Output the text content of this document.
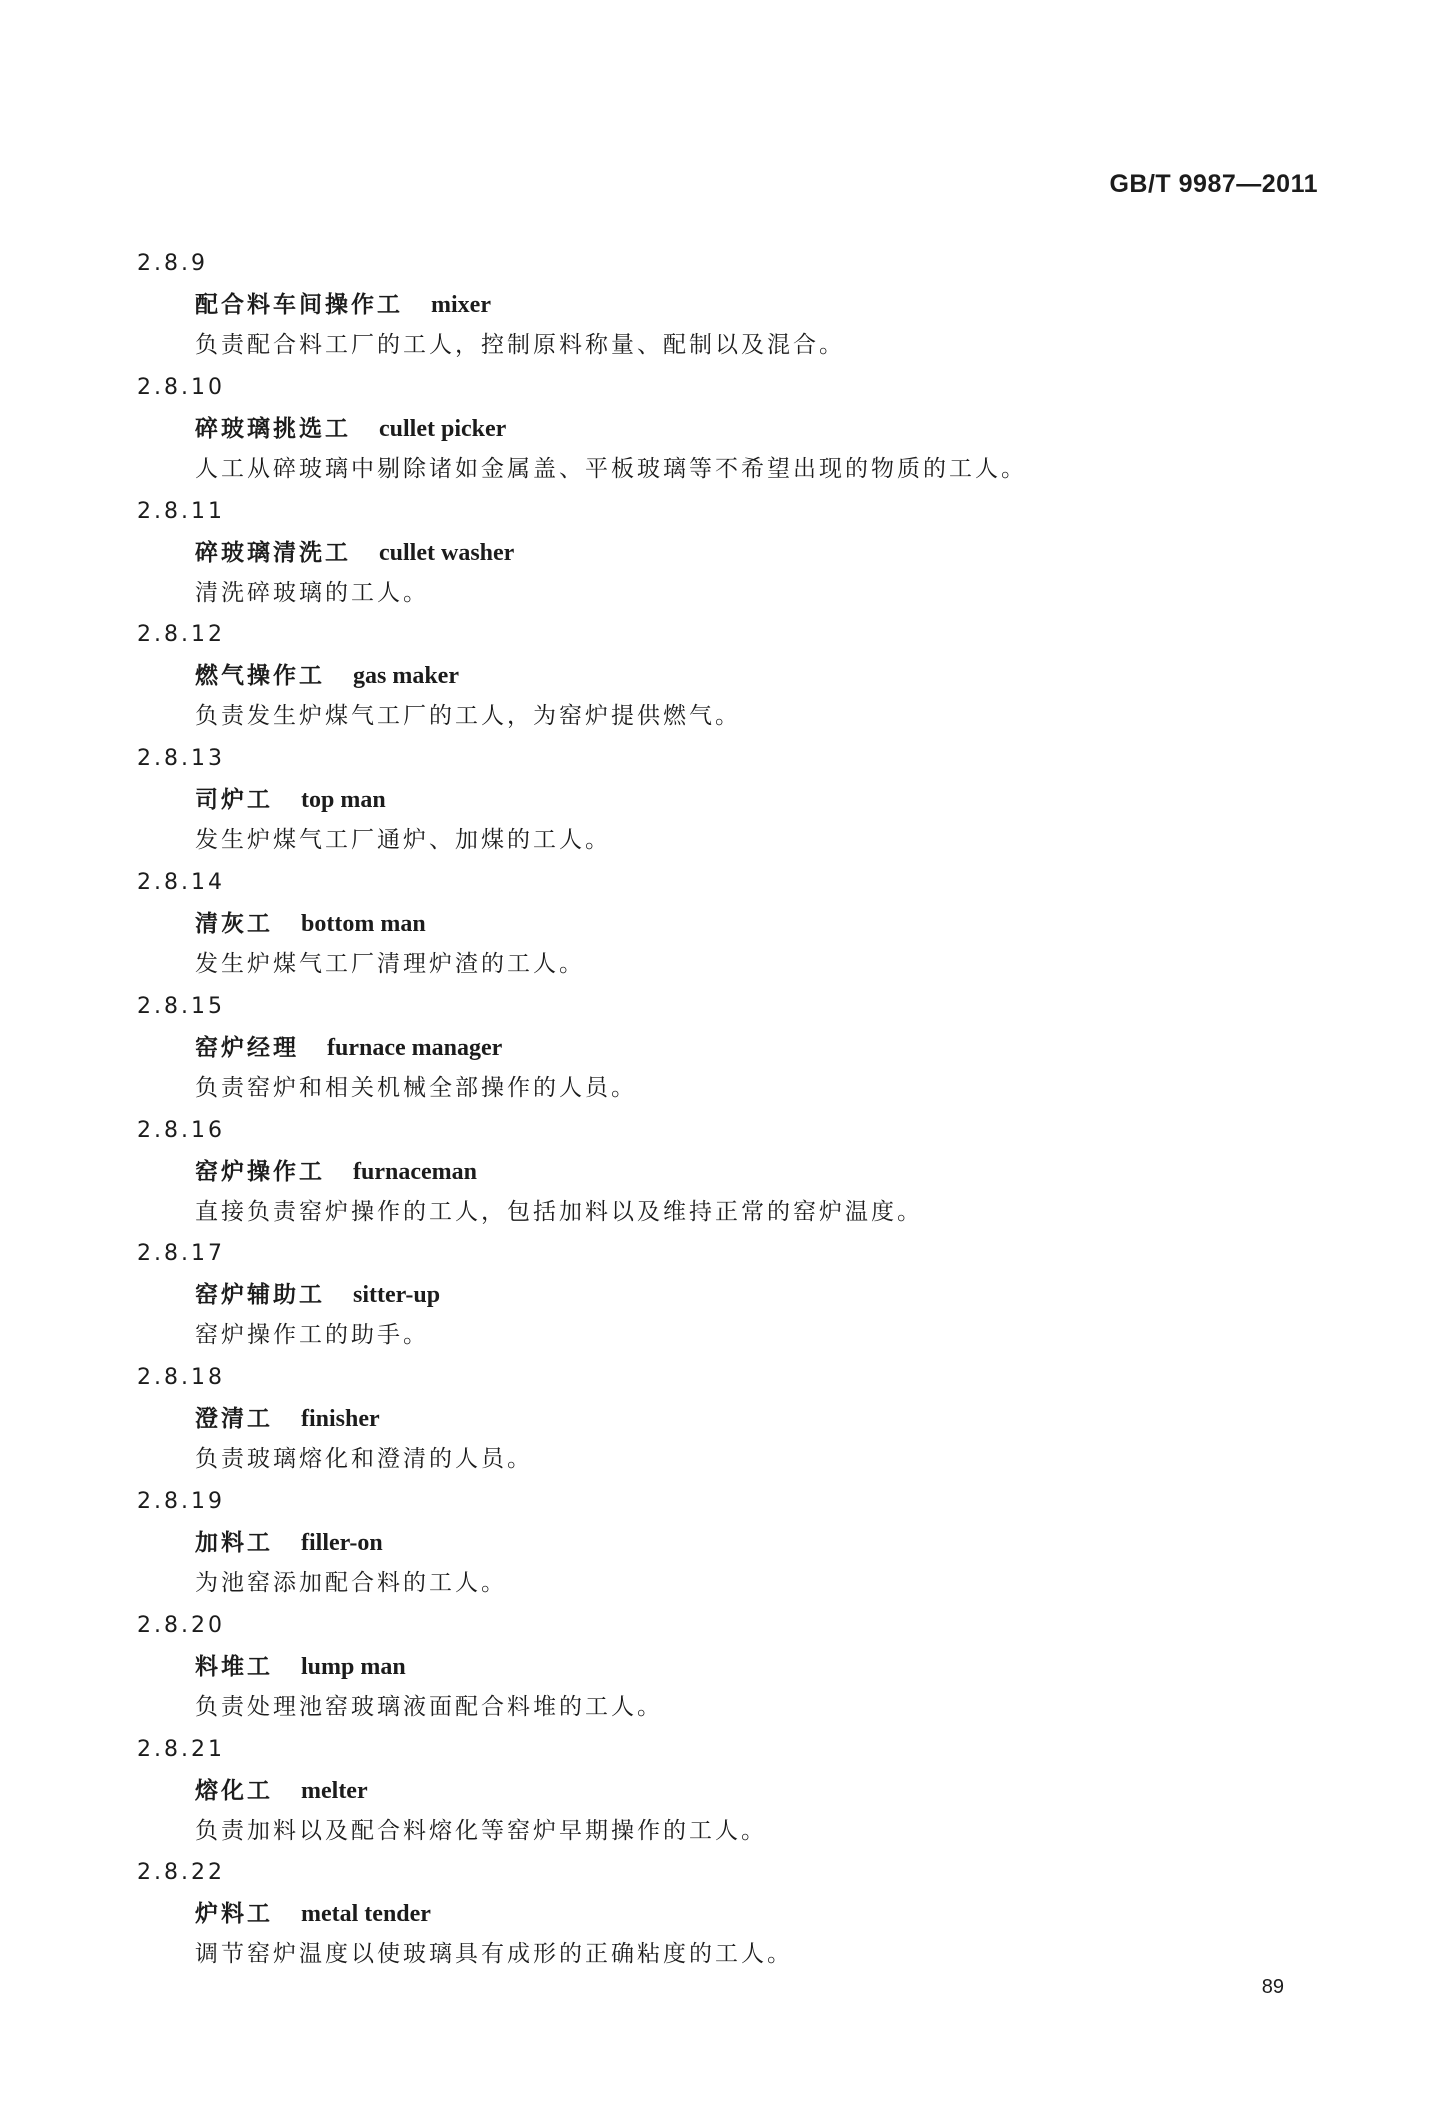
GB/T 9987—2011
2.8.9
配合料车间操作工 mixer
负责配合料工厂的工人，控制原料称量、配制以及混合。
2.8.10
碎玻璃挑选工 cullet picker
人工从碎玻璃中剔除诸如金属盖、平板玻璃等不希望出现的物质的工人。
2.8.11
碎玻璃清洗工 cullet washer
清洗碎玻璃的工人。
2.8.12
燃气操作工 gas maker
负责发生炉煤气工厂的工人，为窑炉提供燃气。
2.8.13
司炉工 top man
发生炉煤气工厂通炉、加煤的工人。
2.8.14
清灰工 bottom man
发生炉煤气工厂清理炉渣的工人。
2.8.15
窑炉经理 furnace manager
负责窑炉和相关机械全部操作的人员。
2.8.16
窑炉操作工 furnaceman
直接负责窑炉操作的工人，包括加料以及维持正常的窑炉温度。
2.8.17
窑炉辅助工 sitter-up
窑炉操作工的助手。
2.8.18
澄清工 finisher
负责玻璃熔化和澄清的人员。
2.8.19
加料工 filler-on
为池窑添加配合料的工人。
2.8.20
料堆工 lump man
负责处理池窑玻璃液面配合料堆的工人。
2.8.21
熔化工 melter
负责加料以及配合料熔化等窑炉早期操作的工人。
2.8.22
炉料工 metal tender
调节窑炉温度以使玻璃具有成形的正确粘度的工人。
89
